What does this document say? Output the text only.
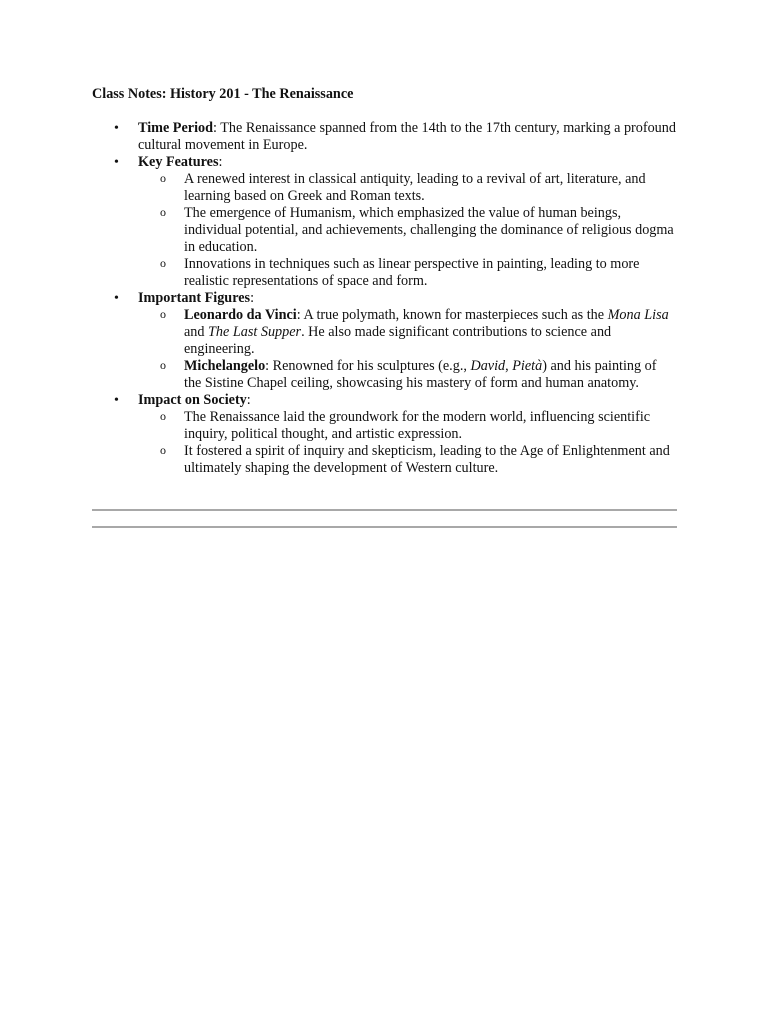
Class Notes: History 201 - The Renaissance
• Time Period: The Renaissance spanned from the 14th to the 17th century, marking a profound cultural movement in Europe.
• Key Features:
o A renewed interest in classical antiquity, leading to a revival of art, literature, and learning based on Greek and Roman texts.
o The emergence of Humanism, which emphasized the value of human beings, individual potential, and achievements, challenging the dominance of religious dogma in education.
o Innovations in techniques such as linear perspective in painting, leading to more realistic representations of space and form.
• Important Figures:
o Leonardo da Vinci: A true polymath, known for masterpieces such as the Mona Lisa and The Last Supper. He also made significant contributions to science and engineering.
o Michelangelo: Renowned for his sculptures (e.g., David, Pietà) and his painting of the Sistine Chapel ceiling, showcasing his mastery of form and human anatomy.
• Impact on Society:
o The Renaissance laid the groundwork for the modern world, influencing scientific inquiry, political thought, and artistic expression.
o It fostered a spirit of inquiry and skepticism, leading to the Age of Enlightenment and ultimately shaping the development of Western culture.
